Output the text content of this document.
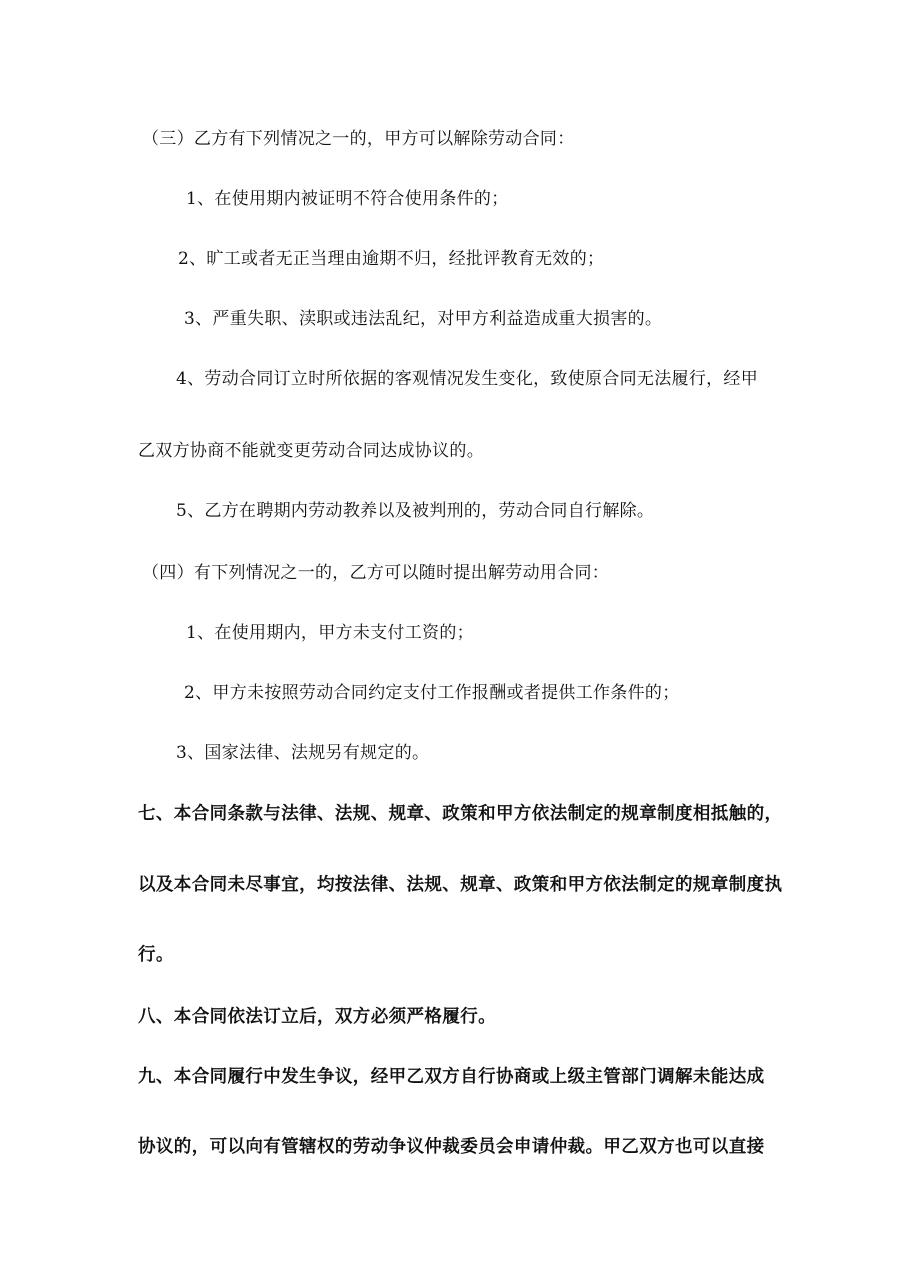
（三）乙方有下列情况之一的，甲方可以解除劳动合同：
1、在使用期内被证明不符合使用条件的；
2、旷工或者无正当理由逾期不归，经批评教育无效的；
3、严重失职、渎职或违法乱纪，对甲方利益造成重大损害的。
4、劳动合同订立时所依据的客观情况发生变化，致使原合同无法履行，经甲
乙双方协商不能就变更劳动合同达成协议的。
5、乙方在聘期内劳动教养以及被判刑的，劳动合同自行解除。
（四）有下列情况之一的，乙方可以随时提出解劳动用合同：
1、在使用期内，甲方未支付工资的；
2、甲方未按照劳动合同约定支付工作报酬或者提供工作条件的；
3、国家法律、法规另有规定的。
七、本合同条款与法律、法规、规章、政策和甲方依法制定的规章制度相抵触的，
以及本合同未尽事宜，均按法律、法规、规章、政策和甲方依法制定的规章制度执
行。
八、本合同依法订立后，双方必须严格履行。
九、本合同履行中发生争议，经甲乙双方自行协商或上级主管部门调解未能达成
协议的，可以向有管辖权的劳动争议仲裁委员会申请仲裁。甲乙双方也可以直接
